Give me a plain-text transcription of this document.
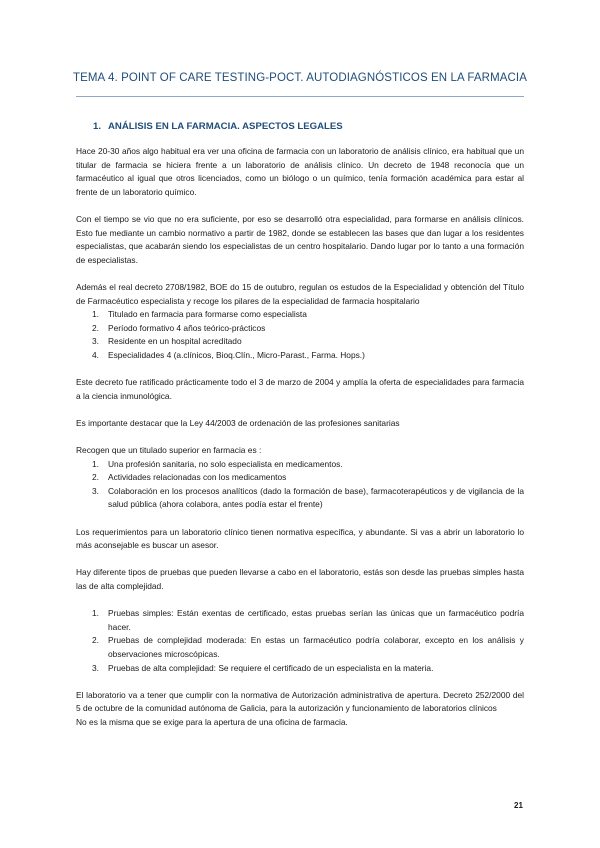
TEMA 4. POINT OF CARE TESTING-POCT. AUTODIAGNÓSTICOS EN LA FARMACIA
1. ANÁLISIS EN LA FARMACIA. ASPECTOS LEGALES

Hace 20-30 años algo habitual era ver una oficina de farmacia con un laboratorio de análisis clínico, era habitual que un titular de farmacia se hiciera frente a un laboratorio de análisis clínico. Un decreto de 1948 reconocía que un farmacéutico al igual que otros licenciados, como un biólogo o un químico, tenía formación académica para estar al frente de un laboratorio químico.

Con el tiempo se vio que no era suficiente, por eso se desarrolló otra especialidad, para formarse en análisis clínicos. Esto fue mediante un cambio normativo a partir de 1982, donde se establecen las bases que dan lugar a los residentes especialistas, que acabarán siendo los especialistas de un centro hospitalario. Dando lugar por lo tanto a una formación de especialistas.

Además el real decreto 2708/1982, BOE do 15 de outubro, regulan os estudos de la Especialidad y obtención del Título de Farmacéutico especialista y recoge los pilares de la especialidad de farmacia hospitalario

1. Titulado en farmacia para formarse como especialista
2. Período formativo 4 años teórico-prácticos
3. Residente en un hospital acreditado
4. Especialidades 4 (a.clínicos, Bioq.Clín., Micro-Parast., Farma. Hops.)

Este decreto fue ratificado prácticamente todo el 3 de marzo de 2004 y amplía la oferta de especialidades para farmacia a la ciencia inmunológica.

Es importante destacar que la Ley 44/2003 de ordenación de las profesiones sanitarias

Recogen que un titulado superior en farmacia es :

1. Una profesión sanitaria, no solo especialista en medicamentos.
2. Actividades relacionadas con los medicamentos
3. Colaboración en los procesos analíticos (dado la formación de base), farmacoterapéuticos y de vigilancia de la salud pública (ahora colabora, antes podía estar el frente)

Los requerimientos para un laboratorio clínico tienen normativa específica, y abundante. Si vas a abrir un laboratorio lo más aconsejable es buscar un asesor.

Hay diferente tipos de pruebas que pueden llevarse a cabo en el laboratorio, estás son desde las pruebas simples hasta las de alta complejidad.

1. Pruebas simples: Están exentas de certificado, estas pruebas serían las únicas que un farmacéutico podría hacer.
2. Pruebas de complejidad moderada: En estas un farmacéutico podría colaborar, excepto en los análisis y observaciones microscópicas.
3. Pruebas de alta complejidad: Se requiere el certificado de un especialista en la materia.

El laboratorio va a tener que cumplir con la normativa de Autorización administrativa de apertura. Decreto 252/2000 del 5 de octubre de la comunidad autónoma de Galicia, para la autorización y funcionamiento de laboratorios clínicos

No es la misma que se exige para la apertura de una oficina de farmacia.

21
